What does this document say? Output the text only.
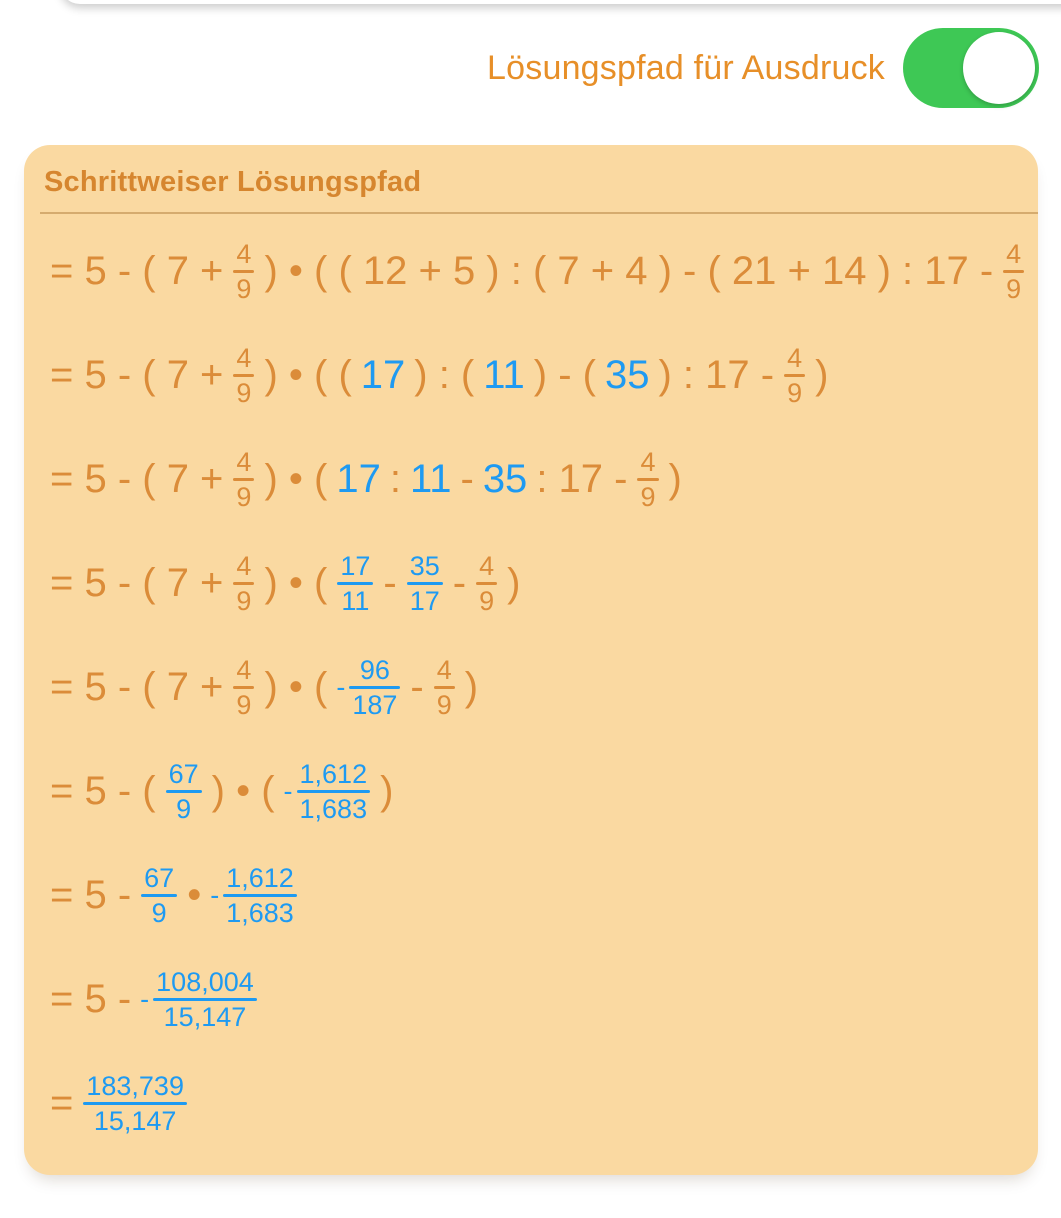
Lösungspfad für Ausdruck
Schrittweiser Lösungspfad
= 5 - ( $7 + \frac{4}{9}$ ) • ( ( 12 + 5 ) : ( 7 + 4 ) - ( 21 + 14 ) : $17 - \frac{4}{9}$
= 5 - ( $7 + \frac{4}{9}$ ) • ( ( 17 ) : ( 11 ) - ( 35 ) : $17 - \frac{4}{9}$ )
= 5 - ( $7 + \frac{4}{9}$ ) • ( 17 : 11 - 35 : $17 - \frac{4}{9}$ )
= 5 - ( $7 + \frac{4}{9}$ ) • ( $\frac{17}{11} - \frac{35}{17} - \frac{4}{9}$ )
= 5 - ( $7 + \frac{4}{9}$ ) • ( - $\frac{96}{187} - \frac{4}{9}$ )
= 5 - ( $\frac{67}{9}$ ) • ( - $\frac{1,612}{1,683}$ )
= $5 - \frac{67}{9}$ • - $\frac{1,612}{1,683}$
= 5 - - $\frac{108,004}{15,147}$
= $\frac{183,739}{15,147}$
